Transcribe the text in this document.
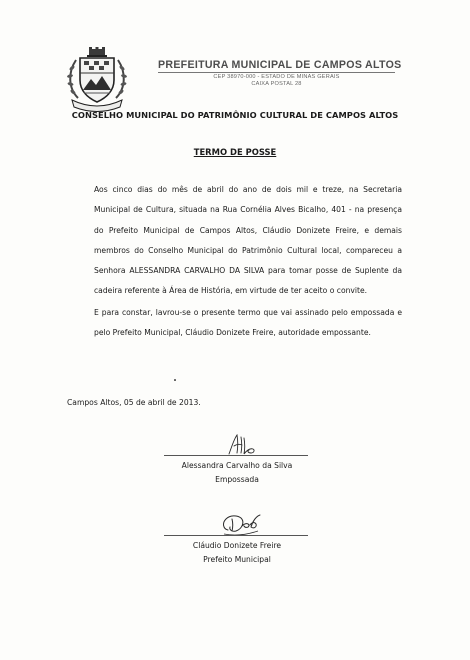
PREFEITURA MUNICIPAL DE CAMPOS ALTOS
CEP 38970-000 - ESTADO DE MINAS GERAIS
CAIXA POSTAL 28
CONSELHO MUNICIPAL DO PATRIMÔNIO CULTURAL DE CAMPOS ALTOS
TERMO DE POSSE

Aos cinco dias do mês de abril do ano de dois mil e treze, na Secretaria Municipal de Cultura, situada na Rua Cornélia Alves Bicalho, 401 - na presença do Prefeito Municipal de Campos Altos, Cláudio Donizete Freire, e demais membros do Conselho Municipal do Patrimônio Cultural local, compareceu a Senhora ALESSANDRA CARVALHO DA SILVA para tomar posse de Suplente da cadeira referente à Área de História, em virtude de ter aceito o convite.

E para constar, lavrou-se o presente termo que vai assinado pelo empossada e pelo Prefeito Municipal, Cláudio Donizete Freire, autoridade empossante.

Campos Altos, 05 de abril de 2013.
Alessandra Carvalho da Silva
Empossada
Cláudio Donizete Freire
Prefeito Municipal
